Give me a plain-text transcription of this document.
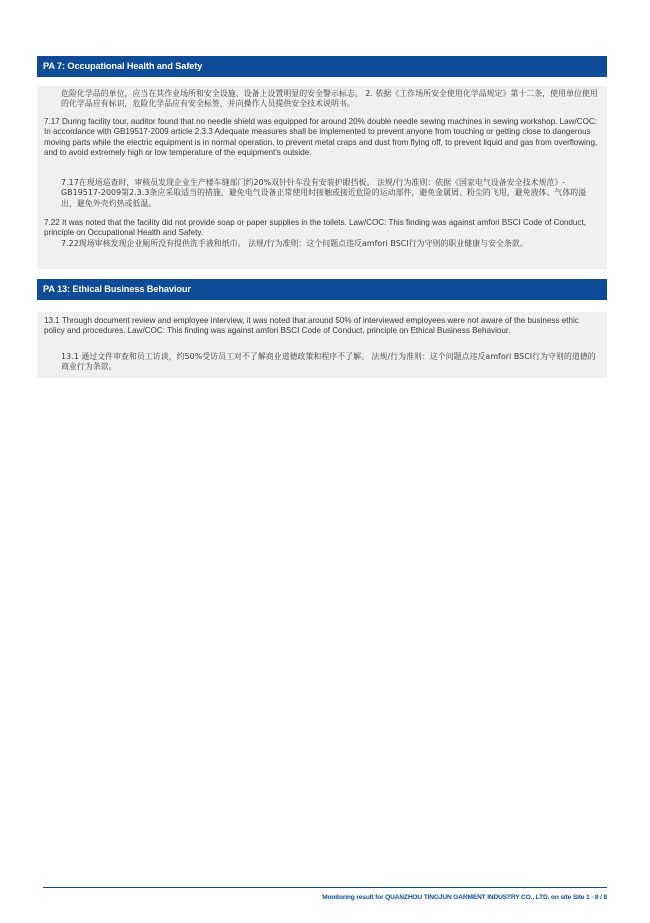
PA 7: Occupational Health and Safety

危险化学品的单位，应当在其作业场所和安全设施、设备上设置明显的安全警示标志。 2. 依据《工作场所安全使用化学品规定》第十二条，使用单位使用的化学品应有标识，危险化学品应有安全标签，并向操作人员提供安全技术说明书。

7.17 During facility tour, auditor found that no needle shield was equipped for around 20% double needle sewing machines in sewing workshop. Law/COC: In accordance with GB19517-2009 article 2.3.3 Adequate measures shall be implemented to prevent anyone from touching or getting close to dangerous moving parts while the electric equipment is in normal operation, to prevent metal craps and dust from flying off, to prevent liquid and gas from overflowing, and to avoid extremely high or low temperature of the equipment's outside.

7.17在现场巡查时，审核员发现企业生产楼车缝部门约20%双针针车没有安装护眼挡板。 法规/行为准则：依据《国家电气设备安全技术规范》-GB19517-2009第2.3.3条应采取适当的措施，避免电气设备正常使用时接触或接近危险的运动部件，避免金属屑、粉尘的飞甩，避免液体、气体的溢出，避免外壳灼热或低温。

7.22 It was noted that the facility did not provide soap or paper supplies in the toilets. Law/COC: This finding was against amfori BSCI Code of Conduct, principle on Occupational Health and Safety.

7.22现场审核发现企业厕所没有提供洗手液和纸巾。 法规/行为准则：这个问题点违反amfori BSCI行为守则的职业健康与安全条款。

PA 13: Ethical Business Behaviour

13.1 Through document review and employee interview, it was noted that around 50% of interviewed employees were not aware of the business ethic policy and procedures. Law/COC: This finding was against amfori BSCI Code of Conduct, principle on Ethical Business Behaviour.

13.1 通过文件审查和员工访谈，约50%受访员工对不了解商业道德政策和程序不了解。 法规/行为准则：这个问题点违反amfori BSCI行为守则的道德的商业行为条款。

Monitoring result for QUANZHOU TINGJUN GARMENT INDUSTRY CO., LTD. on site Site 1 - 8 / 8
